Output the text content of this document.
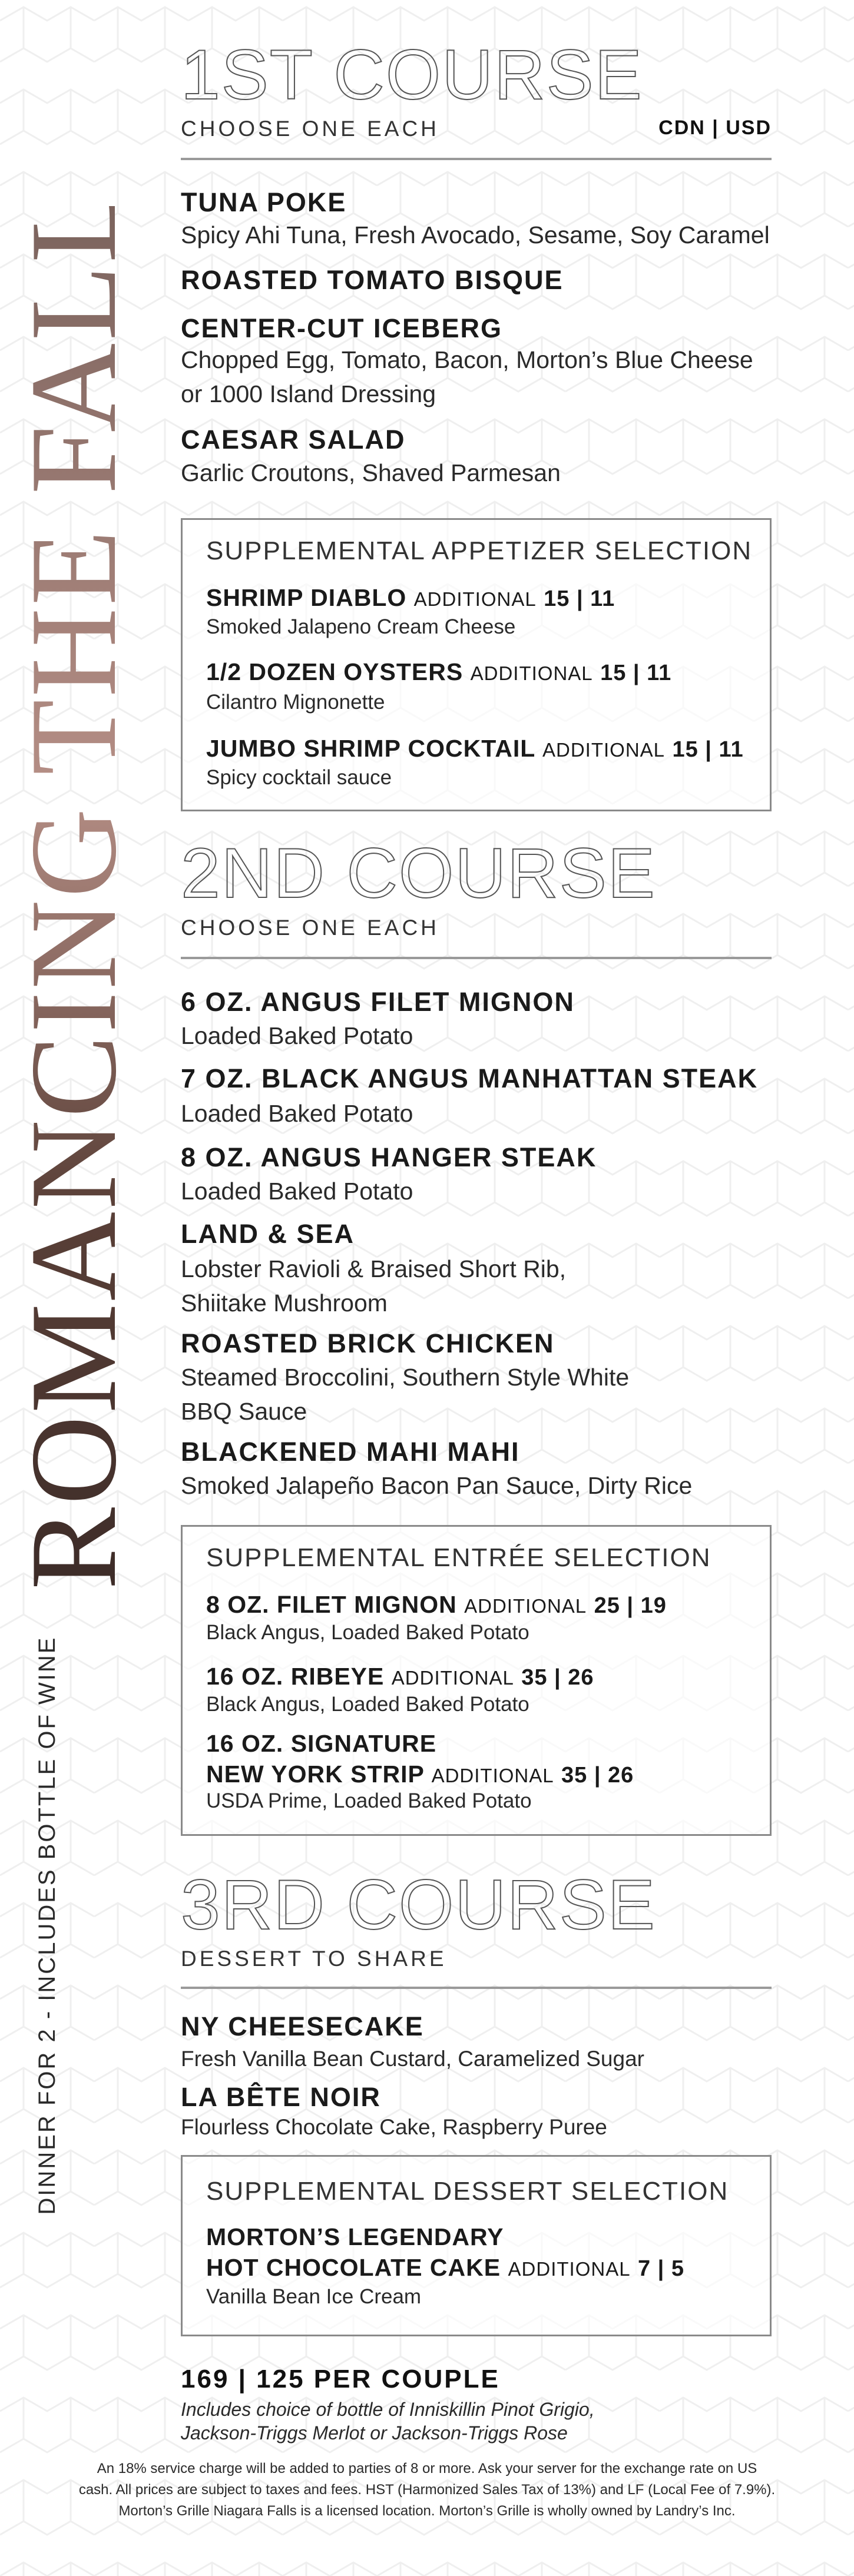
ROMANCING THE FALLS
DINNER FOR 2 - INCLUDES BOTTLE OF WINE
1ST COURSE
CHOOSE ONE EACH	CDN | USD
TUNA POKE
Spicy Ahi Tuna, Fresh Avocado, Sesame, Soy Caramel
ROASTED TOMATO BISQUE
CENTER-CUT ICEBERG
Chopped Egg, Tomato, Bacon, Morton’s Blue Cheese or 1000 Island Dressing
CAESAR SALAD
Garlic Croutons, Shaved Parmesan
SUPPLEMENTAL APPETIZER SELECTION
SHRIMP DIABLO ADDITIONAL 15 | 11
Smoked Jalapeno Cream Cheese
1/2 DOZEN OYSTERS ADDITIONAL 15 | 11
Cilantro Mignonette
JUMBO SHRIMP COCKTAIL ADDITIONAL 15 | 11
Spicy cocktail sauce
2ND COURSE
CHOOSE ONE EACH
6 OZ. ANGUS FILET MIGNON
Loaded Baked Potato
7 OZ. BLACK ANGUS MANHATTAN STEAK
Loaded Baked Potato
8 OZ. ANGUS HANGER STEAK
Loaded Baked Potato
LAND & SEA
Lobster Ravioli & Braised Short Rib, Shiitake Mushroom
ROASTED BRICK CHICKEN
Steamed Broccolini, Southern Style White BBQ Sauce
BLACKENED MAHI MAHI
Smoked Jalapeño Bacon Pan Sauce, Dirty Rice
SUPPLEMENTAL ENTRÉE SELECTION
8 OZ. FILET MIGNON ADDITIONAL 25 | 19
Black Angus, Loaded Baked Potato
16 OZ. RIBEYE ADDITIONAL 35 | 26
Black Angus, Loaded Baked Potato
16 OZ. SIGNATURE
NEW YORK STRIP ADDITIONAL 35 | 26
USDA Prime, Loaded Baked Potato
3RD COURSE
DESSERT TO SHARE
NY CHEESECAKE
Fresh Vanilla Bean Custard, Caramelized Sugar
LA BÊTE NOIR
Flourless Chocolate Cake, Raspberry Puree
SUPPLEMENTAL DESSERT SELECTION
MORTON’S LEGENDARY
HOT CHOCOLATE CAKE ADDITIONAL 7 | 5
Vanilla Bean Ice Cream
169 | 125 PER COUPLE
Includes choice of bottle of Inniskillin Pinot Grigio, Jackson-Triggs Merlot or Jackson-Triggs Rose
An 18% service charge will be added to parties of 8 or more. Ask your server for the exchange rate on US
cash. All prices are subject to taxes and fees. HST (Harmonized Sales Tax of 13%) and LF (Local Fee of 7.9%).
Morton’s Grille Niagara Falls is a licensed location. Morton’s Grille is wholly owned by Landry’s Inc.
